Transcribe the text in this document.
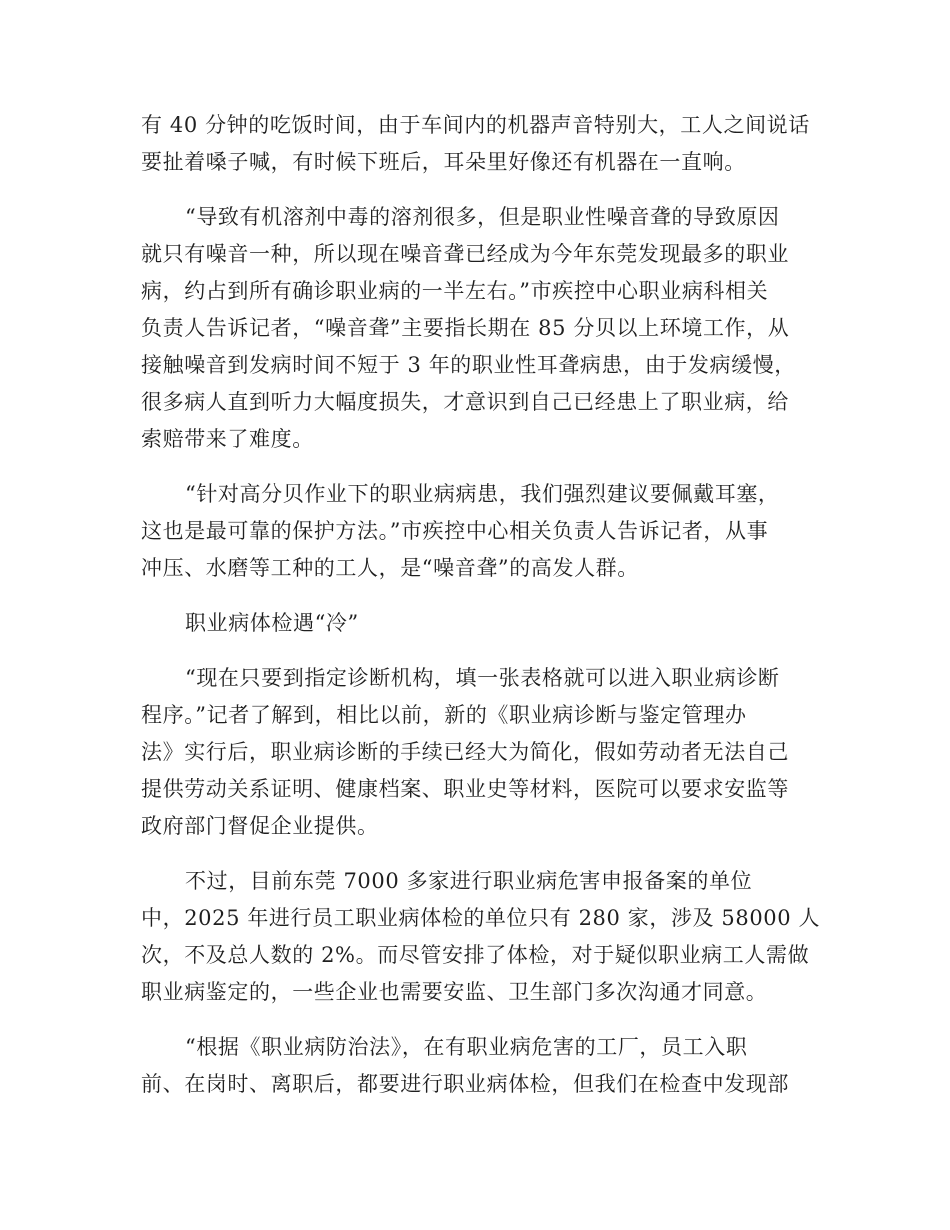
有 40 分钟的吃饭时间，由于车间内的机器声音特别大，工人之间说话
要扯着嗓子喊，有时候下班后，耳朵里好像还有机器在一直响。
“导致有机溶剂中毒的溶剂很多，但是职业性噪音聋的导致原因
就只有噪音一种，所以现在噪音聋已经成为今年东莞发现最多的职业
病，约占到所有确诊职业病的一半左右。”市疾控中心职业病科相关
负责人告诉记者，“噪音聋”主要指长期在 85 分贝以上环境工作，从
接触噪音到发病时间不短于 3 年的职业性耳聋病患，由于发病缓慢，
很多病人直到听力大幅度损失，才意识到自己已经患上了职业病，给
索赔带来了难度。
“针对高分贝作业下的职业病病患，我们强烈建议要佩戴耳塞，
这也是最可靠的保护方法。”市疾控中心相关负责人告诉记者，从事
冲压、水磨等工种的工人，是“噪音聋”的高发人群。
职业病体检遇“冷”
“现在只要到指定诊断机构，填一张表格就可以进入职业病诊断
程序。”记者了解到，相比以前，新的《职业病诊断与鉴定管理办
法》实行后，职业病诊断的手续已经大为简化，假如劳动者无法自己
提供劳动关系证明、健康档案、职业史等材料，医院可以要求安监等
政府部门督促企业提供。
不过，目前东莞 7000 多家进行职业病危害申报备案的单位
中，2025 年进行员工职业病体检的单位只有 280 家，涉及 58000 人
次，不及总人数的 2%。而尽管安排了体检，对于疑似职业病工人需做
职业病鉴定的，一些企业也需要安监、卫生部门多次沟通才同意。
“根据《职业病防治法》，在有职业病危害的工厂，员工入职
前、在岗时、离职后，都要进行职业病体检，但我们在检查中发现部
